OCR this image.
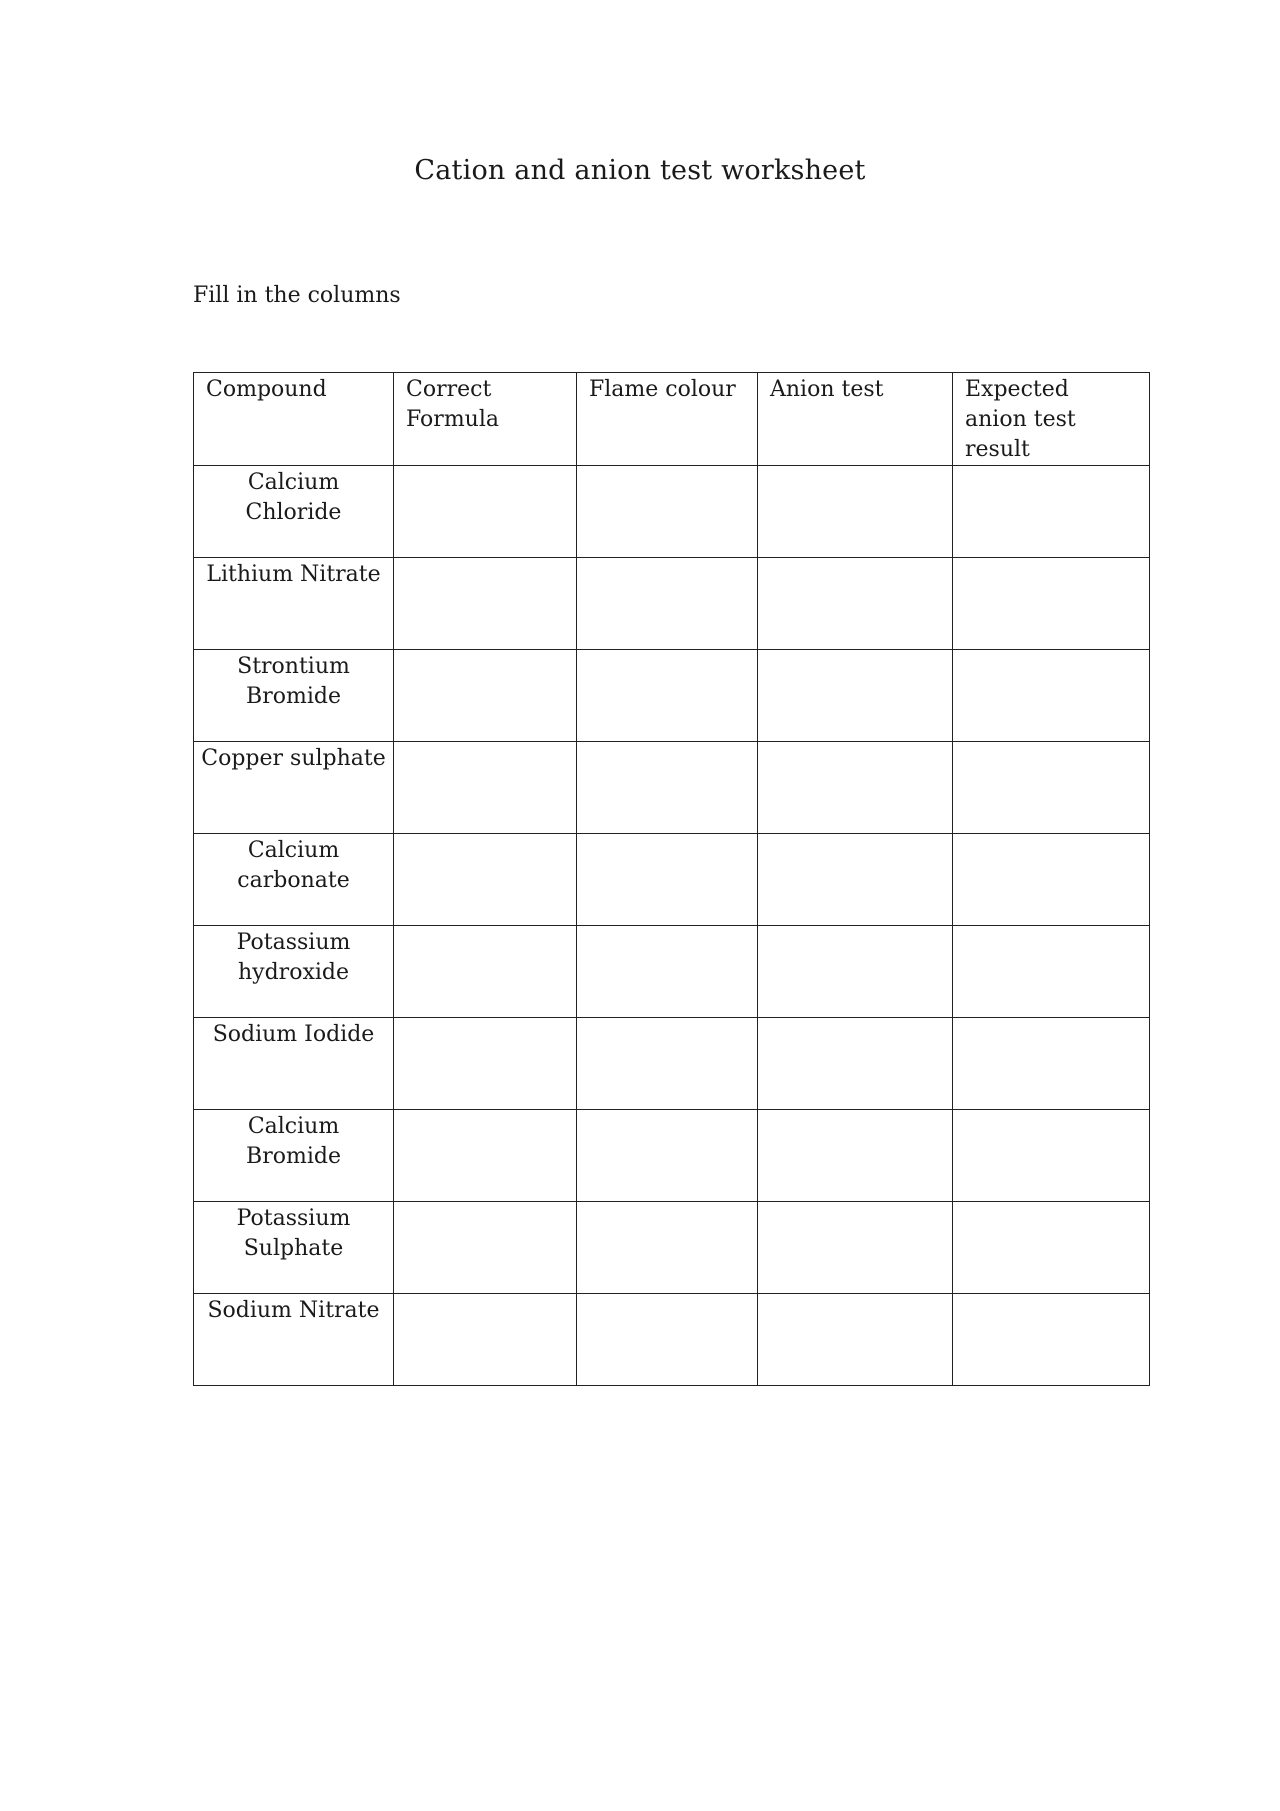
Cation and anion test worksheet
Fill in the columns
Compound	Correct Formula	Flame colour	Anion test	Expected anion test result
Calcium Chloride				
Lithium Nitrate				
Strontium Bromide				
Copper sulphate				
Calcium carbonate				
Potassium hydroxide				
Sodium Iodide				
Calcium Bromide				
Potassium Sulphate				
Sodium Nitrate				
